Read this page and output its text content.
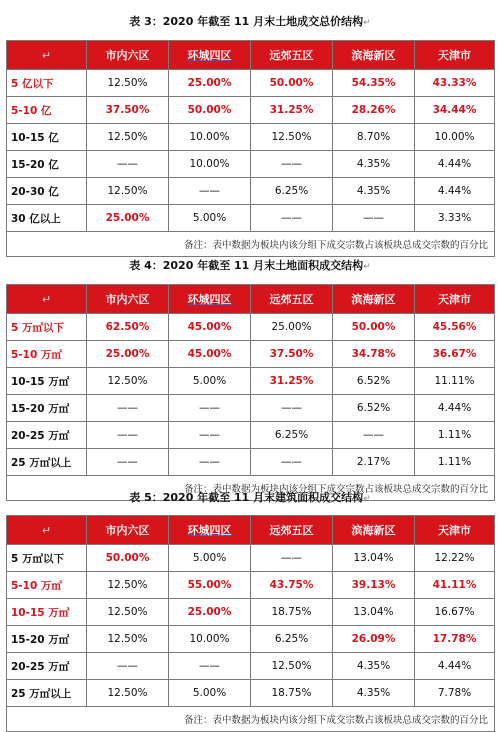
表 3：2020 年截至 11 月末土地成交总价结构↵
↵	市内六区	环城四区	远郊五区	滨海新区	天津市
5 亿以下	12.50%	25.00%	50.00%	54.35%	43.33%
5-10 亿	37.50%	50.00%	31.25%	28.26%	34.44%
10-15 亿	12.50%	10.00%	12.50%	8.70%	10.00%
15-20 亿	——	10.00%	——	4.35%	4.44%
20-30 亿	12.50%	——	6.25%	4.35%	4.44%
30 亿以上	25.00%	5.00%	——	——	3.33%
备注：表中数据为板块内该分组下成交宗数占该板块总成交宗数的百分比					
表 4：2020 年截至 11 月末土地面积成交结构↵
↵	市内六区	环城四区	远郊五区	滨海新区	天津市
5 万㎡以下	62.50%	45.00%	25.00%	50.00%	45.56%
5-10 万㎡	25.00%	45.00%	37.50%	34.78%	36.67%
10-15 万㎡	12.50%	5.00%	31.25%	6.52%	11.11%
15-20 万㎡	——	——	——	6.52%	4.44%
20-25 万㎡	——	——	6.25%	——	1.11%
25 万㎡以上	——	——	——	2.17%	1.11%
备注：表中数据为板块内该分组下成交宗数占该板块总成交宗数的百分比					
表 5：2020 年截至 11 月末建筑面积成交结构↵
↵	市内六区	环城四区	远郊五区	滨海新区	天津市
5 万㎡以下	50.00%	5.00%	——	13.04%	12.22%
5-10 万㎡	12.50%	55.00%	43.75%	39.13%	41.11%
10-15 万㎡	12.50%	25.00%	18.75%	13.04%	16.67%
15-20 万㎡	12.50%	10.00%	6.25%	26.09%	17.78%
20-25 万㎡	——	——	12.50%	4.35%	4.44%
25 万㎡以上	12.50%	5.00%	18.75%	4.35%	7.78%
备注：表中数据为板块内该分组下成交宗数占该板块总成交宗数的百分比					
